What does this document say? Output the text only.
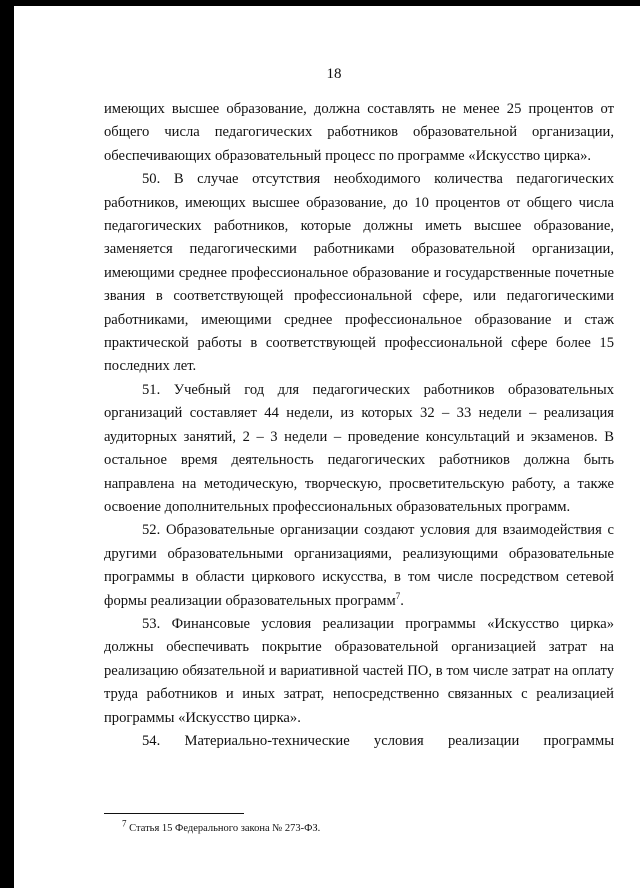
18

имеющих высшее образование, должна составлять не менее 25 процентов от общего числа педагогических работников образовательной организации, обеспечивающих образовательный процесс по программе «Искусство цирка».

50. В случае отсутствия необходимого количества педагогических работников, имеющих высшее образование, до 10 процентов от общего числа педагогических работников, которые должны иметь высшее образование, заменяется педагогическими работниками образовательной организации, имеющими среднее профессиональное образование и государственные почетные звания в соответствующей профессиональной сфере, или педагогическими работниками, имеющими среднее профессиональное образование и стаж практической работы в соответствующей профессиональной сфере более 15 последних лет.

51. Учебный год для педагогических работников образовательных организаций составляет 44 недели, из которых 32 – 33 недели – реализация аудиторных занятий, 2 – 3 недели – проведение консультаций и экзаменов. В остальное время деятельность педагогических работников должна быть направлена на методическую, творческую, просветительскую работу, а также освоение дополнительных профессиональных образовательных программ.

52. Образовательные организации создают условия для взаимодействия с другими образовательными организациями, реализующими образовательные программы в области циркового искусства, в том числе посредством сетевой формы реализации образовательных программ$^7$.

53. Финансовые условия реализации программы «Искусство цирка» должны обеспечивать покрытие образовательной организацией затрат на реализацию обязательной и вариативной частей ПО, в том числе затрат на оплату труда работников и иных затрат, непосредственно связанных с реализацией программы «Искусство цирка».

54. Материально-технические условия реализации программы

$^7$ Статья 15 Федерального закона № 273-ФЗ.
